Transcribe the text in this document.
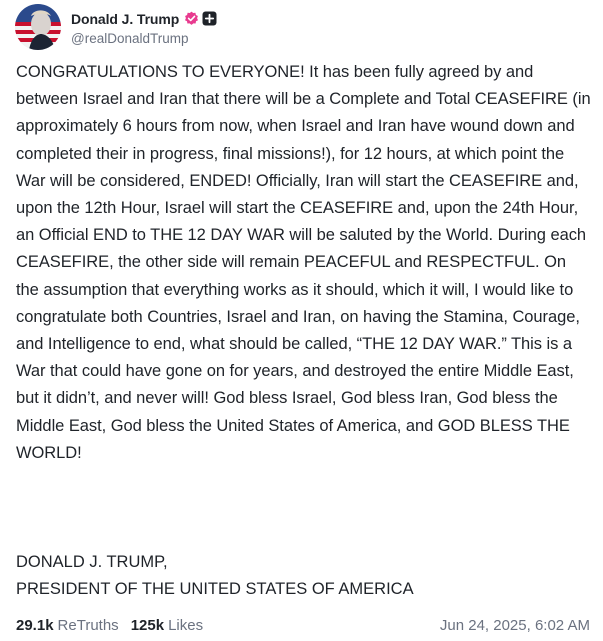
Donald J. Trump
@realDonaldTrump
CONGRATULATIONS TO EVERYONE! It has been fully agreed by and between Israel and Iran that there will be a Complete and Total CEASEFIRE (in approximately 6 hours from now, when Israel and Iran have wound down and completed their in progress, final missions!), for 12 hours, at which point the War will be considered, ENDED! Officially, Iran will start the CEASEFIRE and, upon the 12th Hour, Israel will start the CEASEFIRE and, upon the 24th Hour, an Official END to THE 12 DAY WAR will be saluted by the World. During each CEASEFIRE, the other side will remain PEACEFUL and RESPECTFUL. On the assumption that everything works as it should, which it will, I would like to congratulate both Countries, Israel and Iran, on having the Stamina, Courage, and Intelligence to end, what should be called, “THE 12 DAY WAR.” This is a War that could have gone on for years, and destroyed the entire Middle East, but it didn’t, and never will! God bless Israel, God bless Iran, God bless the Middle East, God bless the United States of America, and GOD BLESS THE WORLD!
DONALD J. TRUMP,
PRESIDENT OF THE UNITED STATES OF AMERICA
29.1k ReTruths 125k Likes	Jun 24, 2025, 6:02 AM
